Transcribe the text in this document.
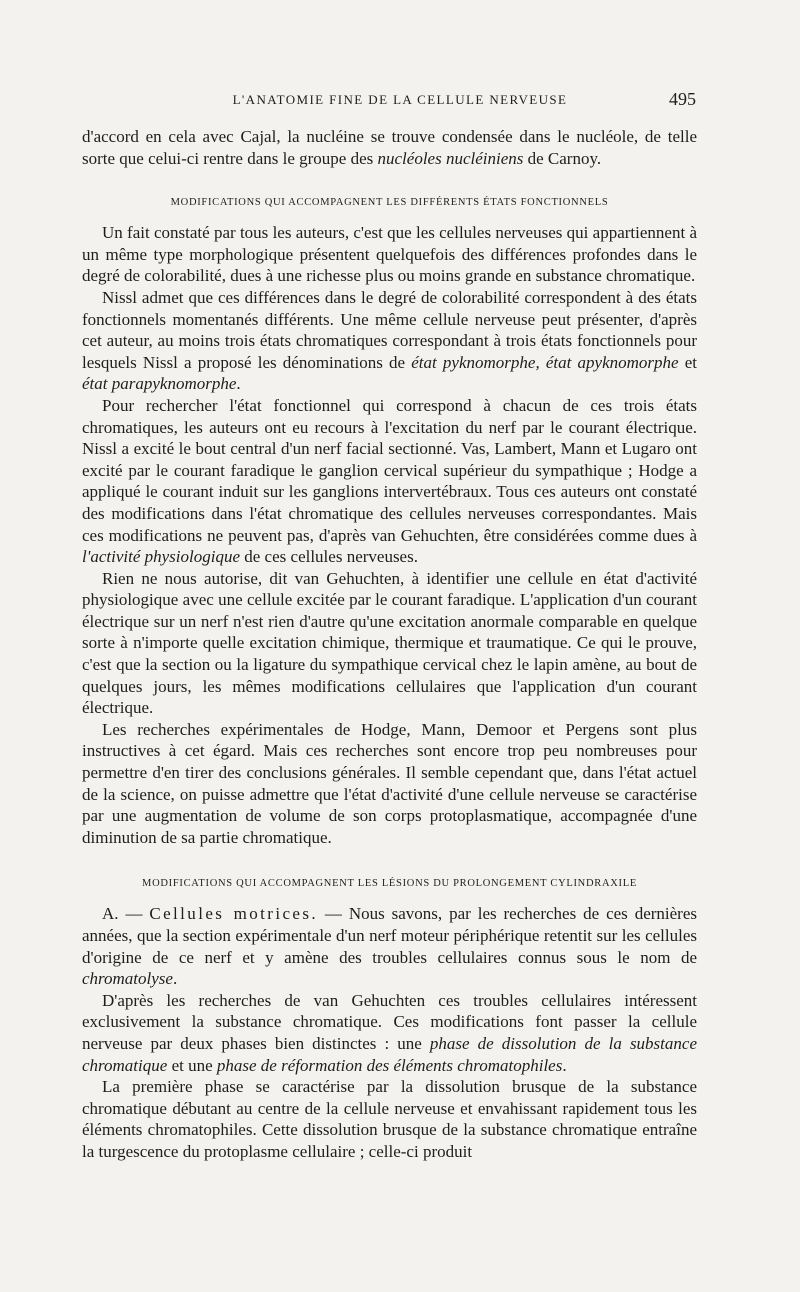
L'ANATOMIE FINE DE LA CELLULE NERVEUSE	495

d'accord en cela avec Cajal, la nucléine se trouve condensée dans le nucléole, de telle sorte que celui-ci rentre dans le groupe des nucléoles nucléiniens de Carnoy.

MODIFICATIONS QUI ACCOMPAGNENT LES DIFFÉRENTS ÉTATS FONCTIONNELS

Un fait constaté par tous les auteurs, c'est que les cellules nerveuses qui appartiennent à un même type morphologique présentent quelquefois des différences profondes dans le degré de colorabilité, dues à une richesse plus ou moins grande en substance chromatique.

Nissl admet que ces différences dans le degré de colorabilité correspondent à des états fonctionnels momentanés différents. Une même cellule nerveuse peut présenter, d'après cet auteur, au moins trois états chromatiques correspondant à trois états fonctionnels pour lesquels Nissl a proposé les dénominations de état pyknomorphe, état apyknomorphe et état parapyknomorphe.

Pour rechercher l'état fonctionnel qui correspond à chacun de ces trois états chromatiques, les auteurs ont eu recours à l'excitation du nerf par le courant électrique. Nissl a excité le bout central d'un nerf facial sectionné. Vas, Lambert, Mann et Lugaro ont excité par le courant faradique le ganglion cervical supérieur du sympathique ; Hodge a appliqué le courant induit sur les ganglions intervertébraux. Tous ces auteurs ont constaté des modifications dans l'état chromatique des cellules nerveuses correspondantes. Mais ces modifications ne peuvent pas, d'après van Gehuchten, être considérées comme dues à l'activité physiologique de ces cellules nerveuses.

Rien ne nous autorise, dit van Gehuchten, à identifier une cellule en état d'activité physiologique avec une cellule excitée par le courant faradique. L'application d'un courant électrique sur un nerf n'est rien d'autre qu'une excitation anormale comparable en quelque sorte à n'importe quelle excitation chimique, thermique et traumatique. Ce qui le prouve, c'est que la section ou la ligature du sympathique cervical chez le lapin amène, au bout de quelques jours, les mêmes modifications cellulaires que l'application d'un courant électrique.

Les recherches expérimentales de Hodge, Mann, Demoor et Pergens sont plus instructives à cet égard. Mais ces recherches sont encore trop peu nombreuses pour permettre d'en tirer des conclusions générales. Il semble cependant que, dans l'état actuel de la science, on puisse admettre que l'état d'activité d'une cellule nerveuse se caractérise par une augmentation de volume de son corps protoplasmatique, accompagnée d'une diminution de sa partie chromatique.

MODIFICATIONS QUI ACCOMPAGNENT LES LÉSIONS DU PROLONGEMENT CYLINDRAXILE

A. — Cellules motrices. — Nous savons, par les recherches de ces dernières années, que la section expérimentale d'un nerf moteur périphérique retentit sur les cellules d'origine de ce nerf et y amène des troubles cellulaires connus sous le nom de chromatolyse.

D'après les recherches de van Gehuchten ces troubles cellulaires intéressent exclusivement la substance chromatique. Ces modifications font passer la cellule nerveuse par deux phases bien distinctes : une phase de dissolution de la substance chromatique et une phase de réformation des éléments chromatophiles.

La première phase se caractérise par la dissolution brusque de la substance chromatique débutant au centre de la cellule nerveuse et envahissant rapidement tous les éléments chromatophiles. Cette dissolution brusque de la substance chromatique entraîne la turgescence du protoplasme cellulaire ; celle-ci produit
